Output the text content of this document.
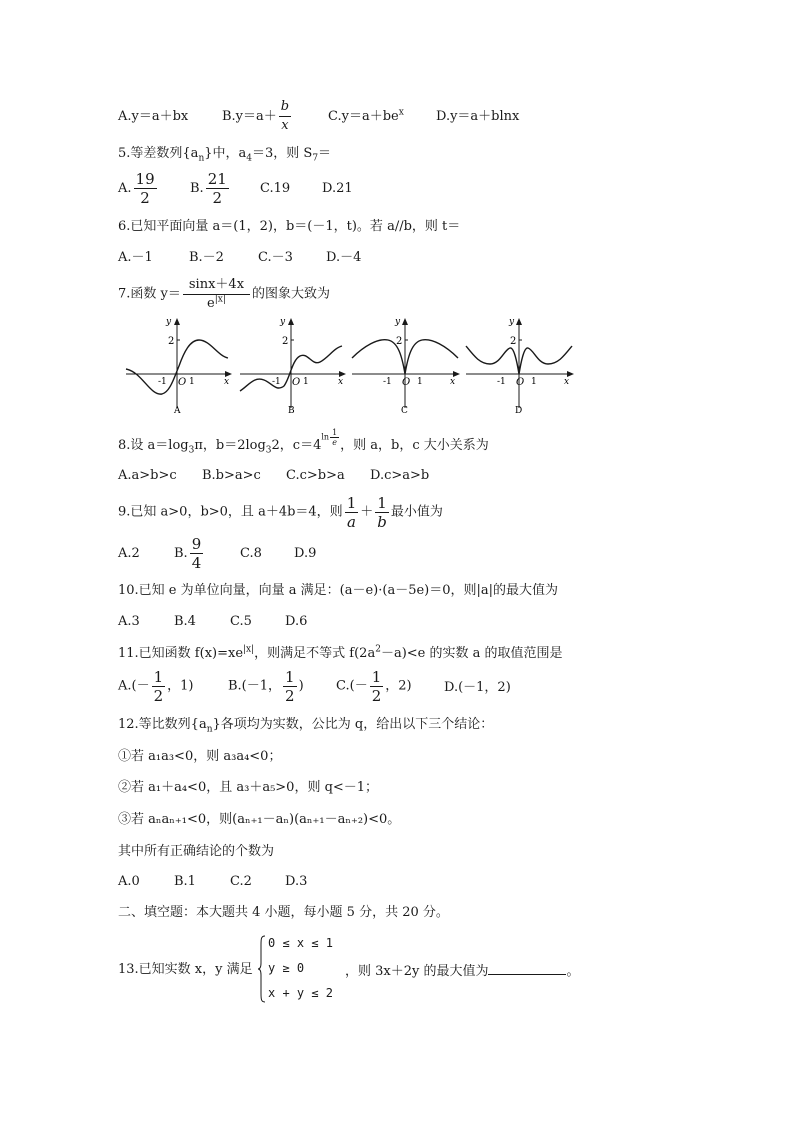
A.y＝a＋bx	$B.y=a+ \frac{b}{x}$	$C.y=a+be^x$ D.y＝a＋blnx
5.等差数列$\{a_n\}$中，$a_4=3$，则 $S_7=$
A. $\frac{19}{2}$	B. $\frac{21}{2} C.19$ D.21
6.已知平面向量 a＝(1，2)，b＝(－1，t)。若 a//b，则 t＝
A.－1	B.－2	C.－3	D.－4
7.函数 $y= \frac{\sin x+4x}{e^{|x|}}$ 的图象大致为
y
2
-1 O 1	x
A
y
2
-1 O 1	x
B
y
2
-1 O 1	x
C
y
2
-1 O 1	x
D
8.设 $a=\log_3\pi$，$b=2\log_32$，$c=4\ln \frac{1}{e}$ ，则 a，b，c 大小关系为
A.a>b>c B.b>a>c C.c>b>a D.c>a>b
9.已知 a>0，b>0，且 a＋4b＝4，则 $\frac{1}{a} + \frac{1}{b}$ 最小值为
A.2	B. $\frac{9}{4}$	C.8 D.9
10.已知 e 为单位向量，向量 a 满足：(a－e)·(a－5e)＝0，则|a|的最大值为
A.3	B.4	C.5	D.6
11.已知函数 $f(x)=xe^{|x|}$，则满足不等式 $f(2a^2-a)<e$ 的实数 a 的取值范围是
$A.(- \frac{1}{2}$ ，1)	B.(－1， $\frac{1}{2}$ ) $C.(- \frac{1}{2}$ ，2) D.(－1，2)
12.等比数列$\{a_n\}$各项均为实数，公比为 q，给出以下三个结论：
①若 a₁a₃<0，则 a₃a₄<0；
②若 a₁＋a₄<0，且 a₃＋a₅>0，则 q<－1；
③若 aₙaₙ₊₁<0，则(aₙ₊₁－aₙ)(aₙ₊₁－aₙ₊₂)<0。
其中所有正确结论的个数为
A.0	B.1	C.2	D.3
二、填空题：本大题共 4 小题，每小题 5 分，共 20 分。
13.已知实数 x，y 满足
0 ≤ x ≤ 1
y ≥ 0
x + y ≤ 2
，则 3x＋2y 的最大值为	。
